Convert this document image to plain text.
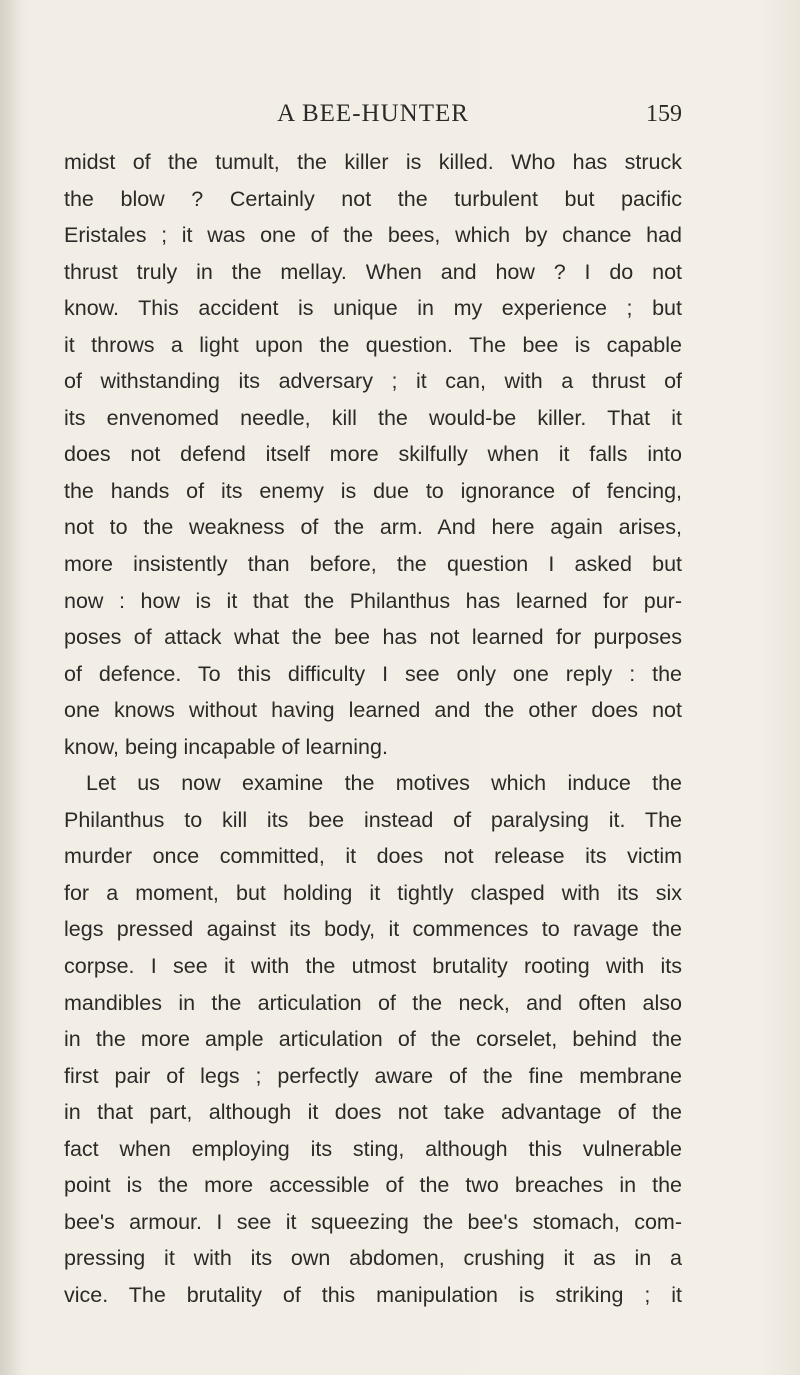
A BEE-HUNTER	159
midst of the tumult, the killer is killed. Who has struck
the blow ? Certainly not the turbulent but pacific
Eristales ; it was one of the bees, which by chance had
thrust truly in the mellay. When and how ? I do not
know. This accident is unique in my experience ; but
it throws a light upon the question. The bee is capable
of withstanding its adversary ; it can, with a thrust of
its envenomed needle, kill the would-be killer. That it
does not defend itself more skilfully when it falls into
the hands of its enemy is due to ignorance of fencing,
not to the weakness of the arm. And here again arises,
more insistently than before, the question I asked but
now : how is it that the Philanthus has learned for pur-
poses of attack what the bee has not learned for purposes
of defence. To this difficulty I see only one reply : the
one knows without having learned and the other does not
know, being incapable of learning.
Let us now examine the motives which induce the
Philanthus to kill its bee instead of paralysing it. The
murder once committed, it does not release its victim
for a moment, but holding it tightly clasped with its six
legs pressed against its body, it commences to ravage the
corpse. I see it with the utmost brutality rooting with its
mandibles in the articulation of the neck, and often also
in the more ample articulation of the corselet, behind the
first pair of legs ; perfectly aware of the fine membrane
in that part, although it does not take advantage of the
fact when employing its sting, although this vulnerable
point is the more accessible of the two breaches in the
bee's armour. I see it squeezing the bee's stomach, com-
pressing it with its own abdomen, crushing it as in a
vice. The brutality of this manipulation is striking ; it
